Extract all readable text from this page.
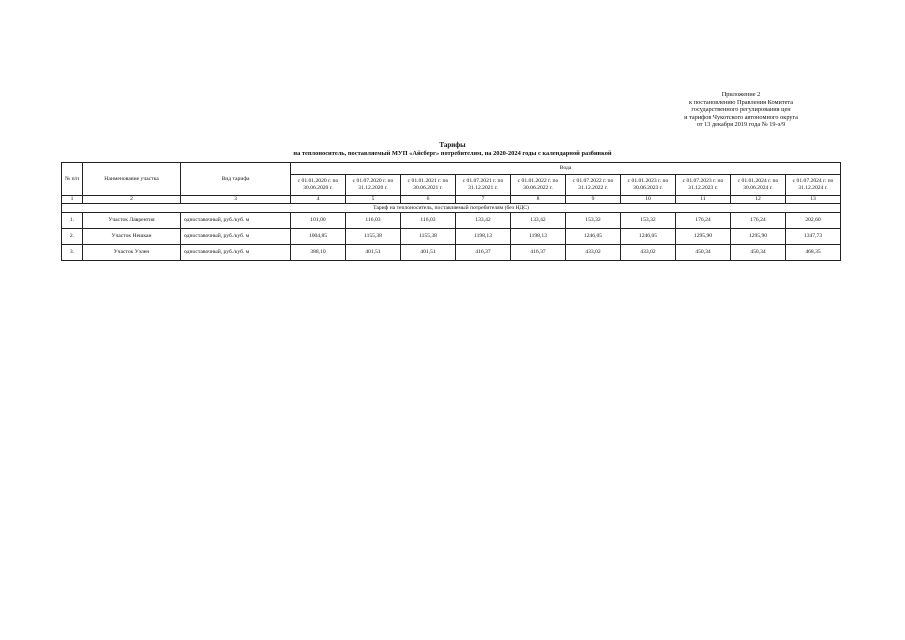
Приложение 2
к постановлению Правления Комитета
государственного регулирования цен
и тарифов Чукотского автономного округа
от 13 декабря 2019 года № 19-э/9
Тарифы
на теплоноситель, поставляемый МУП «Айсберг» потребителям, на 2020-2024 годы с календарной разбивкой
№ п/п	Наименование участка	Вид тарифа	Вода									
			с 01.01.2020 г. по 30.06.2020 г.	с 01.07.2020 г. по 31.12.2020 г.	с 01.01.2021 г. по 30.06.2021 г.	с 01.07.2021 г. по 31.12.2021 г.	с 01.01.2022 г. по 30.06.2022 г.	с 01.07.2022 г. по 31.12.2022 г.	с 01.01.2023 г. по 30.06.2023 г.	с 01.07.2023 г. по 31.12.2023 г.	с 01.01.2024 г. по 30.06.2024 г.	с 01.07.2024 г. по 31.12.2024 г.
1	2	3	4	5	6	7	8	9	10	11	12	13
Тариф на теплоноситель, поставляемый потребителям (без НДС)												
1.	Участок Лаврентия	одноставочный, руб./куб. м	101,00	116,03	116,03	133,42	133,42	153,32	153,32	176,24	176,24	202,60
2.	Участок Нешкан	одноставочный, руб./куб. м	1004,85	1155,38	1155,38	1198,13	1198,13	1246,05	1246,05	1295,90	1295,90	1347,73
3.	Участок Уэлен	одноставочный, руб./куб. м	388,10	401,51	401,51	416,37	416,37	433,02	433,02	450,34	450,34	468,35
